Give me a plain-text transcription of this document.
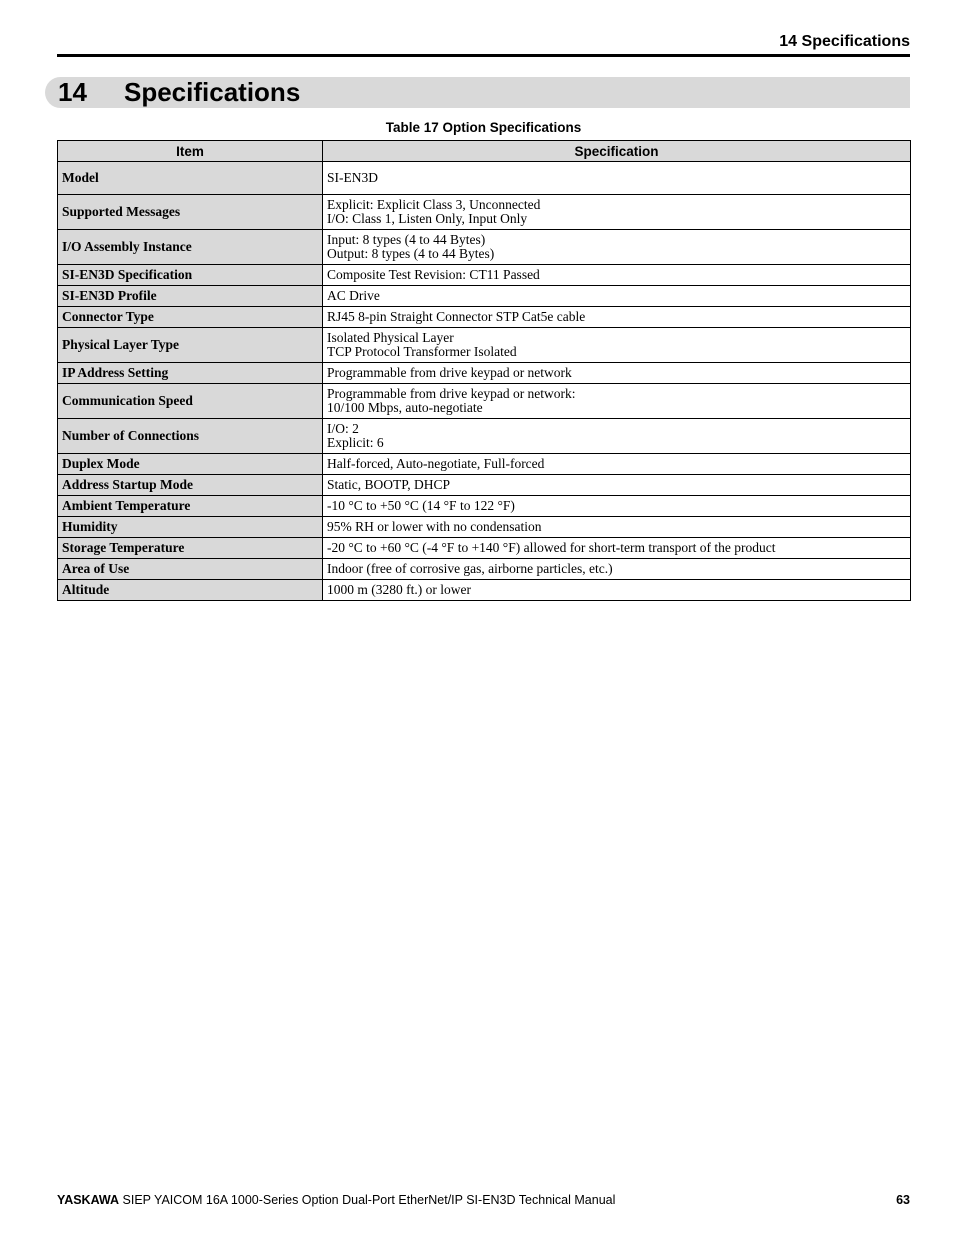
14 Specifications
14 Specifications
Table 17 Option Specifications
Item	Specification
Model	SI-EN3D

Supported Messages	Explicit: Explicit Class 3, Unconnected
I/O: Class 1, Listen Only, Input Only

I/O Assembly Instance	Input: 8 types (4 to 44 Bytes)
Output: 8 types (4 to 44 Bytes)

SI-EN3D Specification	Composite Test Revision: CT11 Passed

SI-EN3D Profile	AC Drive

Connector Type	RJ45 8-pin Straight Connector STP Cat5e cable

Physical Layer Type	Isolated Physical Layer
TCP Protocol Transformer Isolated

IP Address Setting	Programmable from drive keypad or network

Communication Speed	Programmable from drive keypad or network:
10/100 Mbps, auto-negotiate

Number of Connections	I/O: 2
Explicit: 6

Duplex Mode	Half-forced, Auto-negotiate, Full-forced

Address Startup Mode	Static, BOOTP, DHCP

Ambient Temperature	-10 °C to +50 °C (14 °F to 122 °F)

Humidity	95% RH or lower with no condensation

Storage Temperature	-20 °C to +60 °C (-4 °F to +140 °F) allowed for short-term transport of the product

Area of Use	Indoor (free of corrosive gas, airborne particles, etc.)

Altitude	1000 m (3280 ft.) or lower
YASKAWA SIEP YAICOM 16A 1000-Series Option Dual-Port EtherNet/IP SI-EN3D Technical Manual	63
